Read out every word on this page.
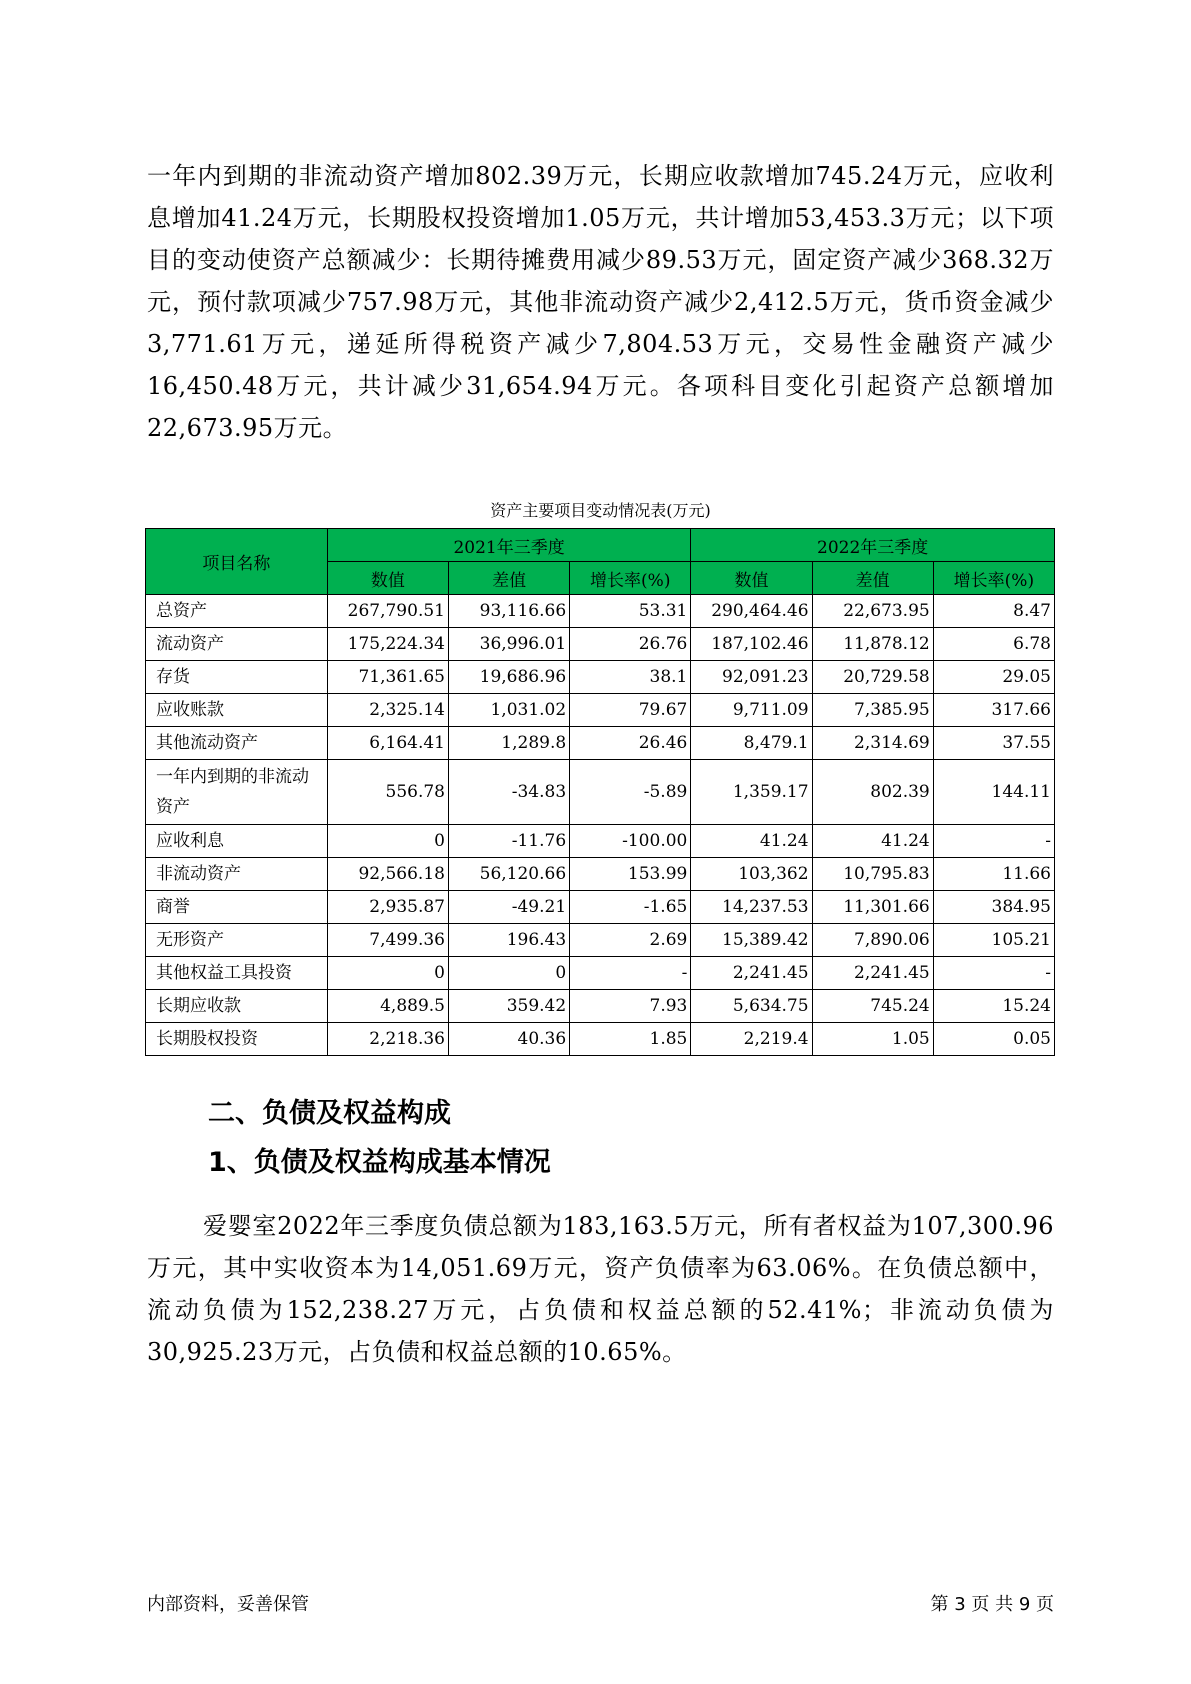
一年内到期的非流动资产增加802.39万元，长期应收款增加745.24万元，应收利息增加41.24万元，长期股权投资增加1.05万元，共计增加53,453.3万元；以下项目的变动使资产总额减少：长期待摊费用减少89.53万元，固定资产减少368.32万元，预付款项减少757.98万元，其他非流动资产减少2,412.5万元，货币资金减少3,771.61万元，递延所得税资产减少7,804.53万元，交易性金融资产减少16,450.48万元，共计减少31,654.94万元。各项科目变化引起资产总额增加22,673.95万元。

资产主要项目变动情况表(万元)
项目名称	2021年三季度			2022年三季度		
	数值	差值	增长率(%)	数值	差值	增长率(%)
总资产	267,790.51	93,116.66	53.31	290,464.46	22,673.95	8.47
流动资产	175,224.34	36,996.01	26.76	187,102.46	11,878.12	6.78
存货	71,361.65	19,686.96	38.1	92,091.23	20,729.58	29.05
应收账款	2,325.14	1,031.02	79.67	9,711.09	7,385.95	317.66
其他流动资产	6,164.41	1,289.8	26.46	8,479.1	2,314.69	37.55
一年内到期的非流动资产	556.78	-34.83	-5.89	1,359.17	802.39	144.11
应收利息	0	-11.76	-100.00	41.24	41.24	-
非流动资产	92,566.18	56,120.66	153.99	103,362	10,795.83	11.66
商誉	2,935.87	-49.21	-1.65	14,237.53	11,301.66	384.95
无形资产	7,499.36	196.43	2.69	15,389.42	7,890.06	105.21
其他权益工具投资	0	0	-	2,241.45	2,241.45	-
长期应收款	4,889.5	359.42	7.93	5,634.75	745.24	15.24
长期股权投资	2,218.36	40.36	1.85	2,219.4	1.05	0.05
二、负债及权益构成
1、负债及权益构成基本情况

爱婴室2022年三季度负债总额为183,163.5万元，所有者权益为107,300.96万元，其中实收资本为14,051.69万元，资产负债率为63.06%。在负债总额中，流动负债为152,238.27万元，占负债和权益总额的52.41%；非流动负债为30,925.23万元，占负债和权益总额的10.65%。

内部资料，妥善保管	第 3 页 共 9 页
